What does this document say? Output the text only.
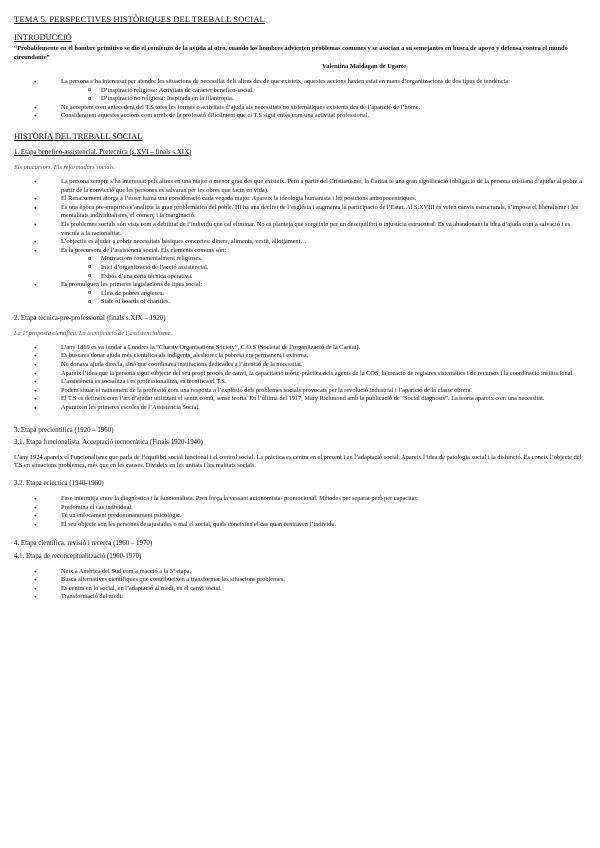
TEMA 5. PERSPECTIVES HISTÒRIQUES DEL TREBALL SOCIAL
INTRODUCCIÓ

“Probablemente en el hombre primitivo se dio el comienzo de la ayuda al otro, cuando los hombres advierten problemas comunes y se asocian a su semejantes en busca de apoyo y defensa contra el mundo circundante”

Valentina Maidagan de Ugarte

● La persona s’ha interessat per atendre les situacions de necessitat dels altres des de que existeix, aquestes accions havien estat en mans d’organitzacions de dos tipus de tendència:
o D’inspiració religiosa: Activitats de caràcter benefico-social.
o D’inspiració no religiosa: Inspirada en la filantropia.
● Ne acceptem com antecedent del T.S totes les formes o activitats d’ajuda als necessitats no sistemàtiques existents des de l’aparició de l’home.
● Considerarem aquestes accions com arrels de la professió difícilment que el T.S sigui entès com una activitat professional.
HISTÒRIA DEL TREBALL SOCIAL
1. Etapa benefico-assistencial. Pretecnica (s.XVI – finals s.XIX)

Els precursors. Els reformadors socials.

● La persona sempre s’ha interessat pels altres en una major o menor grau des que existeix. Però a partir del Cristianisme, la Caritat té una gran significació (obligació de la persona cristiana d’ajudar al pobre a partir de la convicció que les persones es salvaran per les obres que facin en vida).
● El Renaixement atorga a l’ésser humà una consideració cada vegada major. Apareix la ideologia humanista i les posicions antropocentriques.
● És una època pre-empírica s’analitza la gran problemàtica del poble. Hi ha una declivi de l’església i augmenta la participació de l’Estat. Al S.XVIII es veien canvis estructurals, s’imposa el liberalisme i les mentalitats individualistes, el comerç i la marginació.
● Els problemes socials són vists com a debilitat de l’individu que cal eliminar. No es planteja que sorgeixin per un desequilibri o injustícia estructural. Es va abandonant la idea d’ajuda com a salvació i es vincula a la racionalitat.
● L’objectiu es ajudar a cobrir necessitats bàsiques concretes: diners, aliments, vestit, allotjament…
● És la precursora de l’assistència social. Els elements comuns són:
o Motivacions fonamentalment religioses.
o Inici d’organització de l’acció assistencial.
o Exbós d’una certa tècnica operativa.
● Es promulguen les primeres legislacions de tipus social:
o Lleis de pobres angleses.
o State of boards of charities.
2. Etapa tècnica-pre-professional (finals s.XIX – 1920)

La 1ª proposta científica. La tecnificació de l’assistencialisme.

● L’any 1869 es va fundar a Londres la “Charity Organisations Society”, C.O.S (Societat de l’organització de la Caritat).
● Es buscava donar ajuda més científica als indigents, aleshores la pobresa era permanent i extrema.
● No donava ajuda directa, sinó que coordinava institucions dedicades a l’atenció de la necessitat.
● Apareix l’idea que la persona sigui subjecte del seu propi procés de canvi, la capacitació teòric-pràctica dels agents de la COS, la creació de registres sistemàtics i de recursos i la coordinació institucional.
● L’assistència es socialitza i es professionalitza, es tecnifica el T.S.
● Podem situar el naixement de la professió com una resposta a l’explosió dels problemes socials provocats per la revolució industrial i l’aparició de la classe obrera.
● El T.S es defineix com l’art d’ajudar utilitzant el sentit comú, sense teoria. En l’última del 1917, Mary Richmond amb la publicació de “Social diagnosis”. La teoria apareix com una necessitat.
● Apareixen les primeres escoles de l’Assistència Social.
3. Etapa precientífica (1920 – 1960)
3.1. Etapa funcionalista. Acceptació tecnocràtica (Finals 1920-1940)

L’any 1924 apareix el Funcionalisme que parla de l’equilibri social funcional i el control social. La pràctica es centra en el present i en l’adaptació social. Apareix l’idea de patologia social i la disfunció. Es coneix l’objecte del T.S en situacions problemes, més que en les causes. Divideix en les unitats i les realitats socials.

3.2. Etapa eclectica (1940-1960)
● Fase intermitja entre la diagnòstica i la funcionalista. Pren força la vessant autonomista- promocional. Mètodes per separat però per capacitar.
● Predomina el cas individual.
● Té un enfocament predominantment psicològic.
● El seu objecte son les persones desajustades o mal el social, quals coneixien el cas quan centraven l’individu.
4. Etapa científica, revisió i recerca (1960 – 1970)
4.1. Etapa de reconceptualització (1960-1970)
● Neix a Amèrica del Sud com a reacció a la 3ª etapa.
● Busca alternatives científiques que contribueixen a transformar les situacions problemes.
● Es centra en lo social, en l’adaptació al medi, en el canvi social.
● Transformació del medi.
